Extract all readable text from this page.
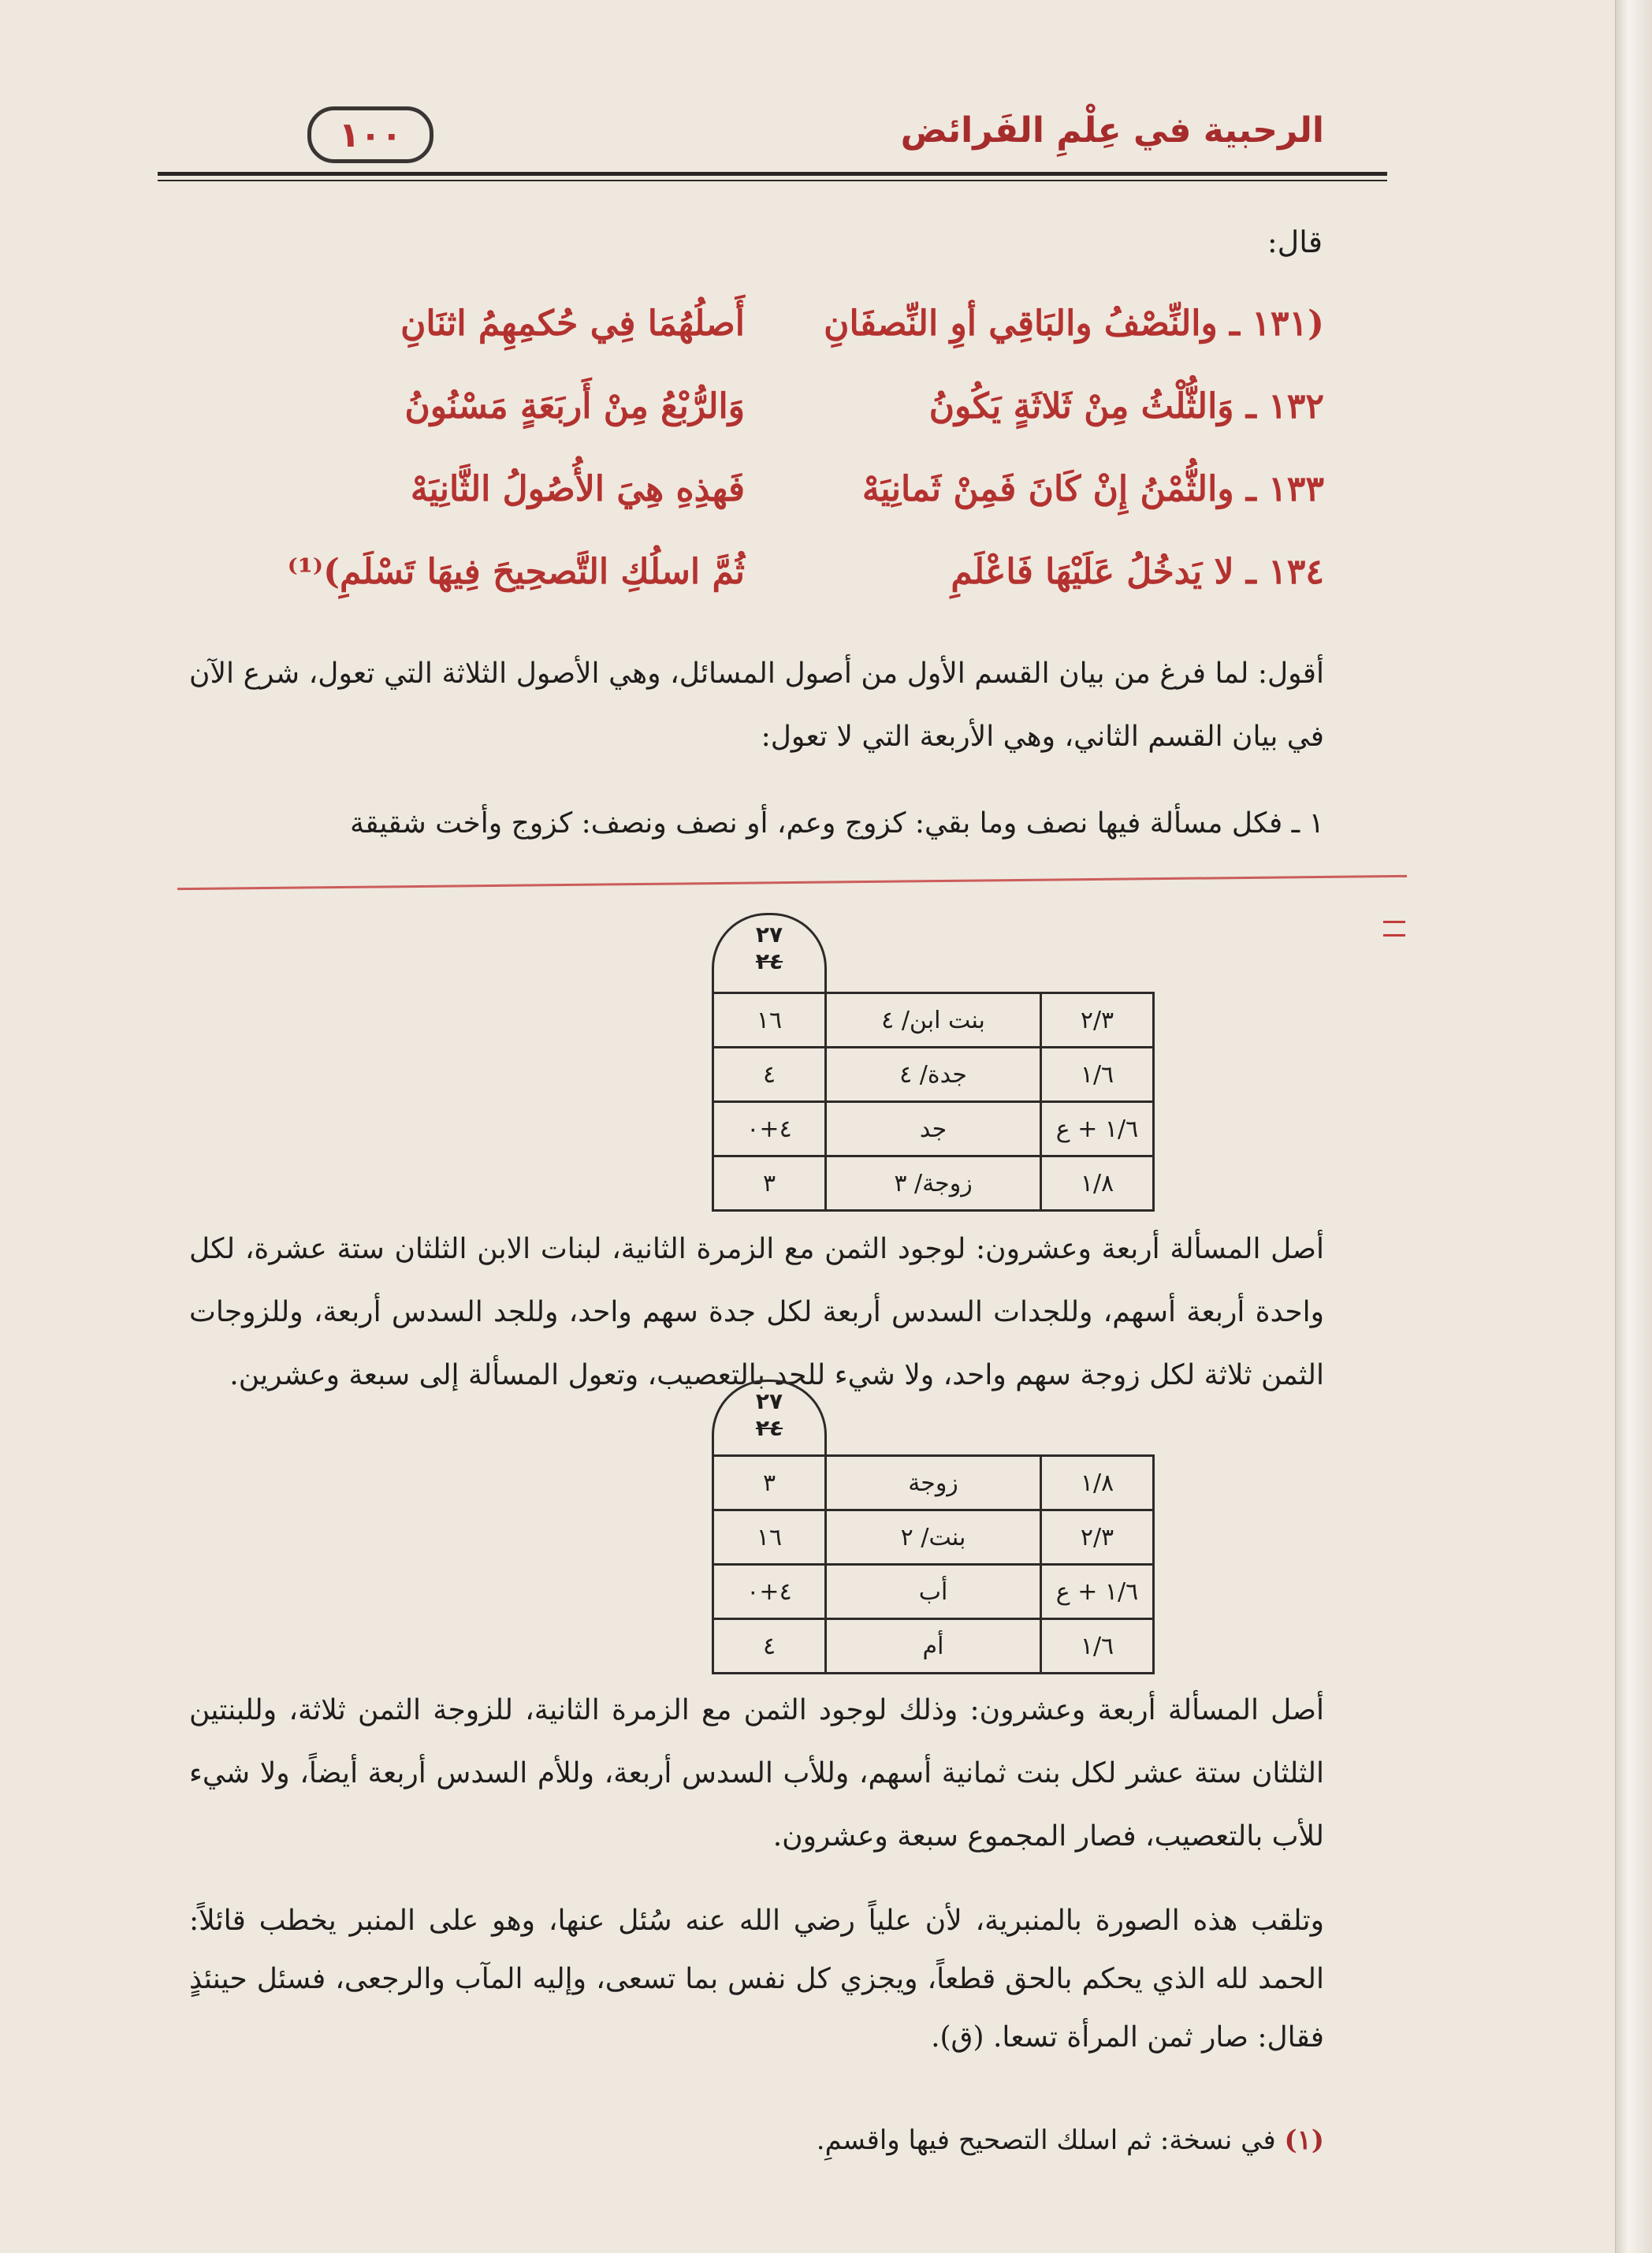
١٠٠	الرحبية في عِلْمِ الفَرائض
قال:
(١٣١ ـ والنِّصْفُ والبَاقِي أوِ النِّصفَانِ
أَصلُهُمَا فِي حُكمِهِمُ اثنَانِ
١٣٢ ـ وَالثُّلْثُ مِنْ ثَلاثَةٍ يَكُونُ
وَالرُّبْعُ مِنْ أَربَعَةٍ مَسْنُونُ
١٣٣ ـ والثُّمْنُ إِنْ كَانَ فَمِنْ ثَمانِيَهْ
فَهذِهِ هِيَ الأُصُولُ الثَّانِيَهْ
١٣٤ ـ لا يَدخُلُ عَلَيْهَا فَاعْلَمِ
ثُمَّ اسلُكِ التَّصحِيحَ فِيهَا تَسْلَمِ)⁽¹⁾
أقول: لما فرغ من بيان القسم الأول من أصول المسائل، وهي الأصول الثلاثة التي تعول، شرع الآن في بيان القسم الثاني، وهي الأربعة التي لا تعول:
١ ـ فكل مسألة فيها نصف وما بقي: كزوج وعم، أو نصف ونصف: كزوج وأخت شقيقة
٢٧
٢٤
٢/٣	بنت ابن/ ٤	١٦
١/٦	جدة/ ٤	٤
١/٦ + ع	جد	٤+٠
١/٨	زوجة/ ٣	٣
أصل المسألة أربعة وعشرون: لوجود الثمن مع الزمرة الثانية، لبنات الابن الثلثان ستة عشرة، لكل واحدة أربعة أسهم، وللجدات السدس أربعة لكل جدة سهم واحد، وللجد السدس أربعة، وللزوجات الثمن ثلاثة لكل زوجة سهم واحد، ولا شيء للجد بالتعصيب، وتعول المسألة إلى سبعة وعشرين.
٢٧
٢٤
١/٨	زوجة	٣
٢/٣	بنت/ ٢	١٦
١/٦ + ع	أب	٤+٠
١/٦	أم	٤
أصل المسألة أربعة وعشرون: وذلك لوجود الثمن مع الزمرة الثانية، للزوجة الثمن ثلاثة، وللبنتين الثلثان ستة عشر لكل بنت ثمانية أسهم، وللأب السدس أربعة، وللأم السدس أربعة أيضاً، ولا شيء للأب بالتعصيب، فصار المجموع سبعة وعشرون.
وتلقب هذه الصورة بالمنبرية، لأن علياً رضي الله عنه سُئل عنها، وهو على المنبر يخطب قائلاً: الحمد لله الذي يحكم بالحق قطعاً، ويجزي كل نفس بما تسعى، وإليه المآب والرجعى، فسئل حينئذٍ فقال: صار ثمن المرأة تسعا. (ق).
(١) في نسخة: ثم اسلك التصحيح فيها واقسمِ.
